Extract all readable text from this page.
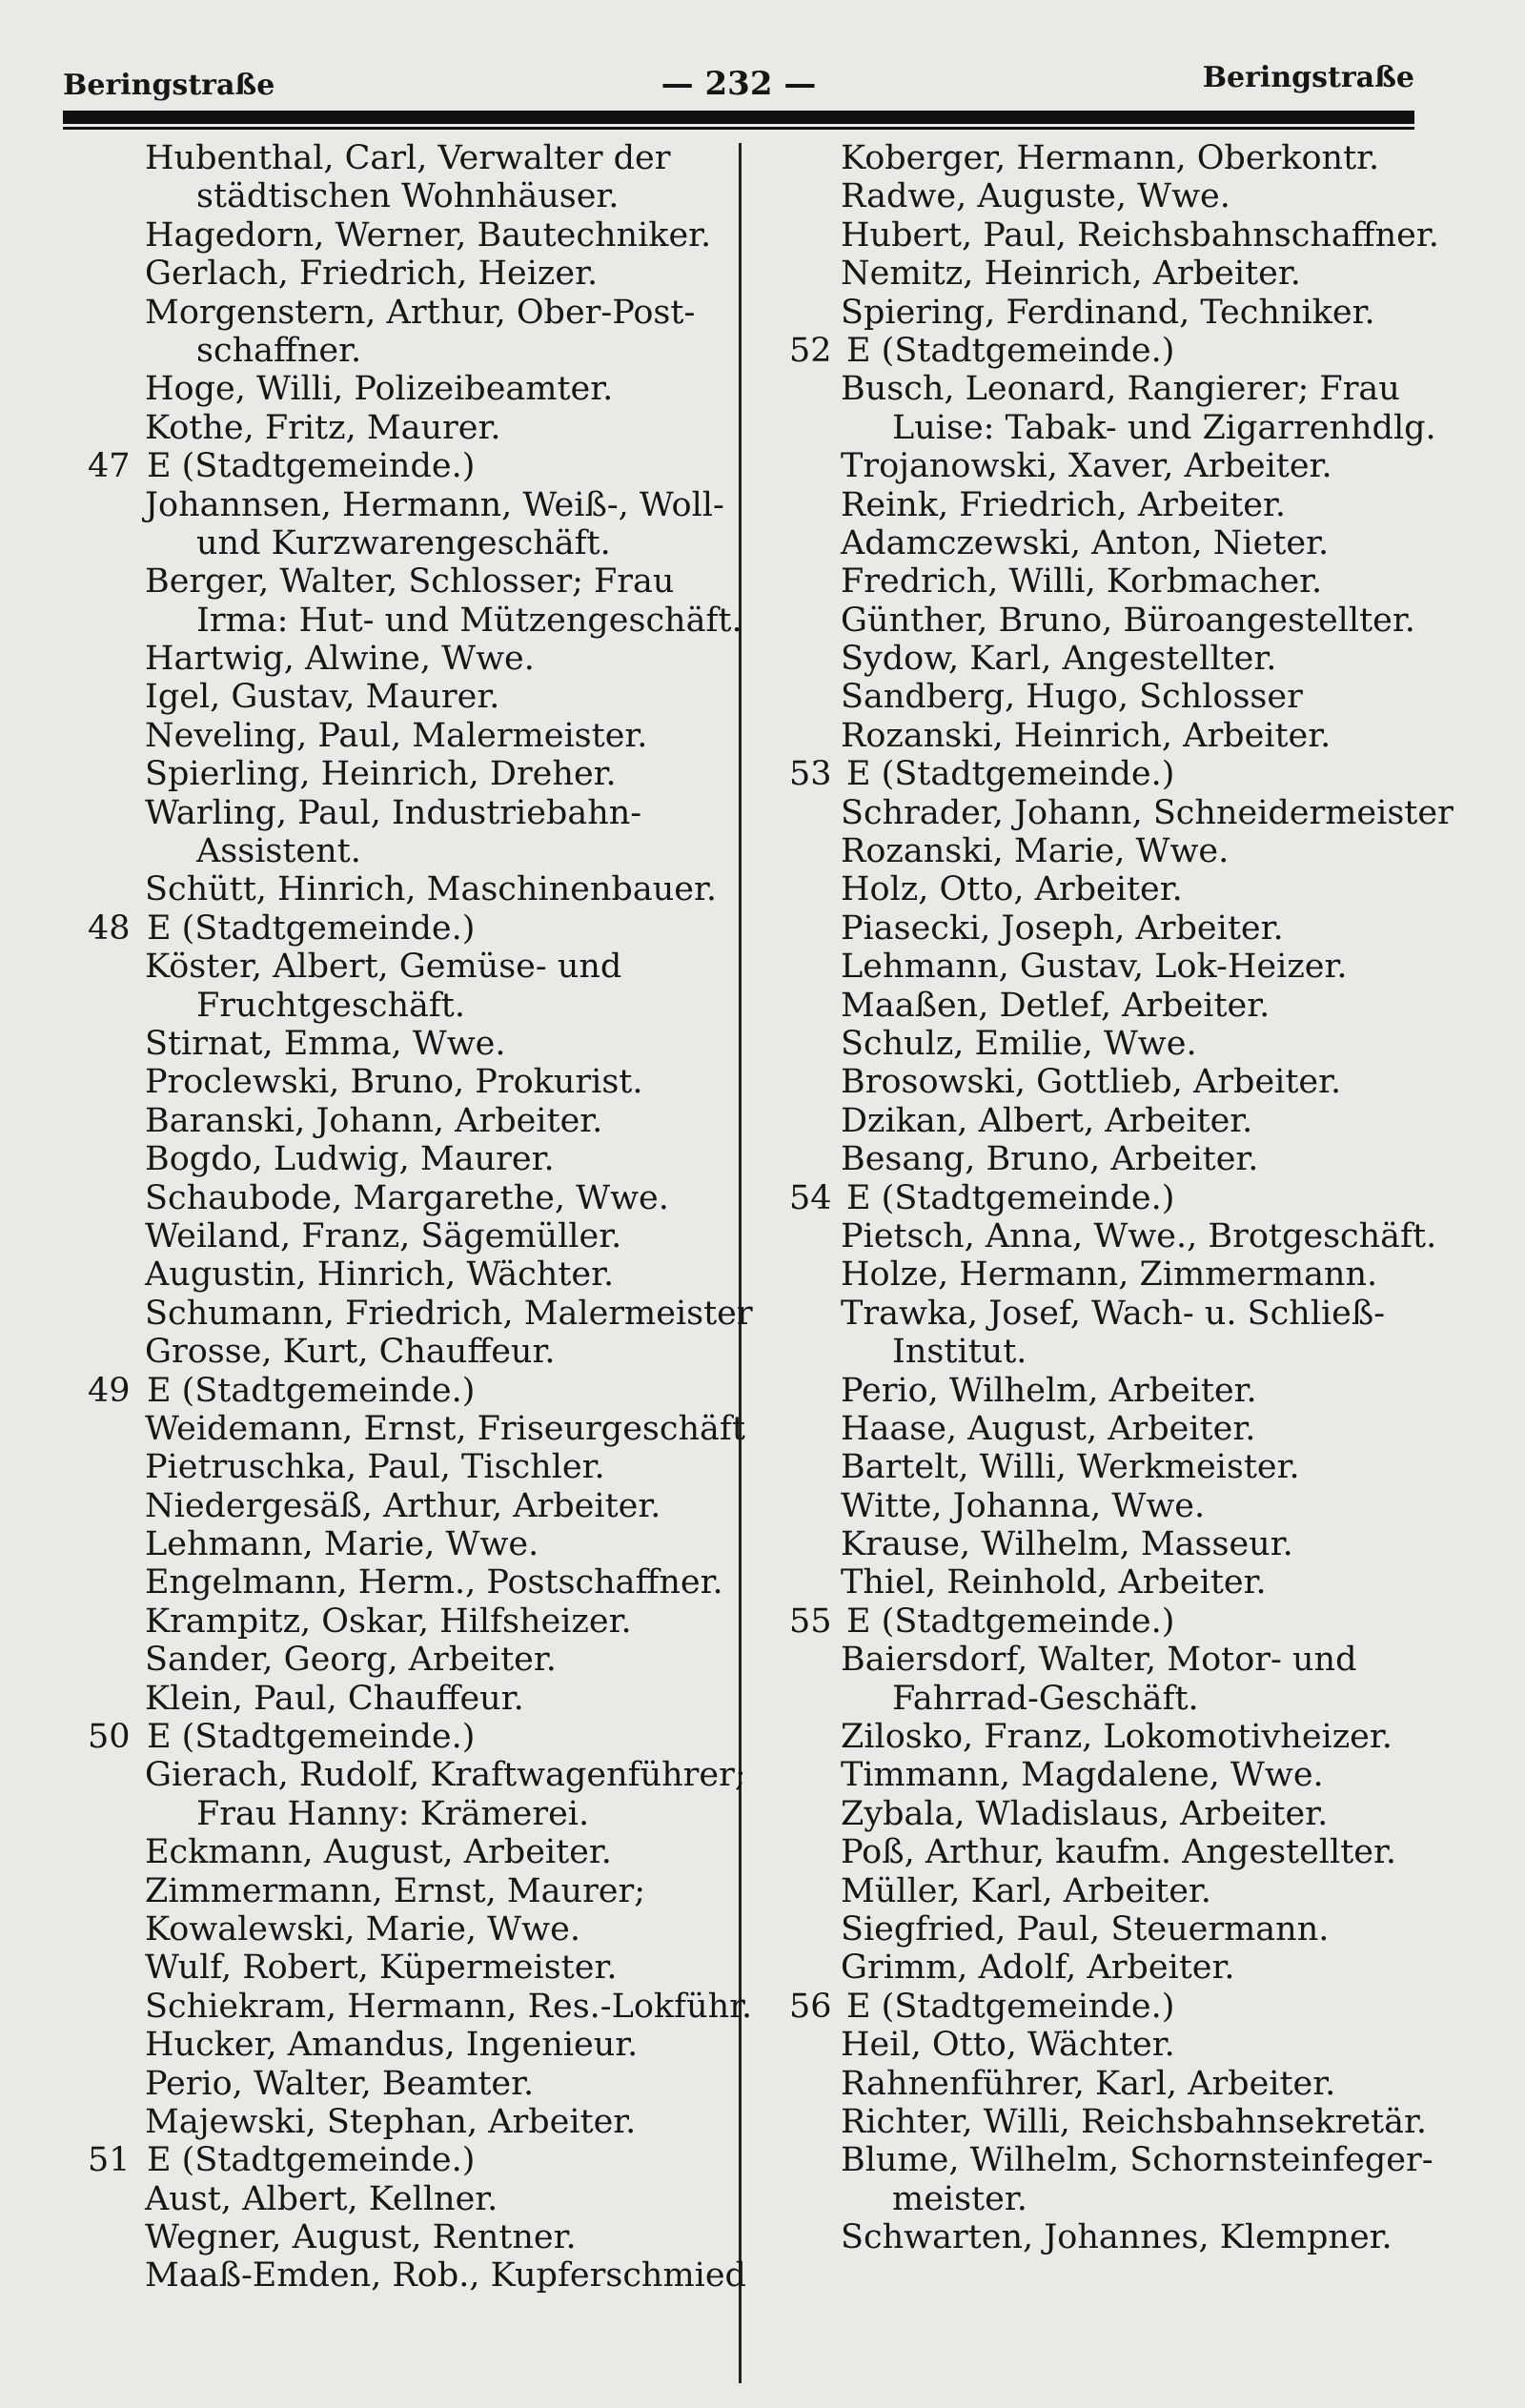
Beringstraße	— 232 —	Beringstraße
Hubenthal, Carl, Verwalter der
städtischen Wohnhäuser.
Hagedorn, Werner, Bautechniker.
Gerlach, Friedrich, Heizer.
Morgenstern, Arthur, Ober-Post-
schaffner.
Hoge, Willi, Polizeibeamter.
Kothe, Fritz, Maurer.
47 E (Stadtgemeinde.)
Johannsen, Hermann, Weiß-, Woll-
und Kurzwarengeschäft.
Berger, Walter, Schlosser; Frau
Irma: Hut- und Mützengeschäft.
Hartwig, Alwine, Wwe.
Igel, Gustav, Maurer.
Neveling, Paul, Malermeister.
Spierling, Heinrich, Dreher.
Warling, Paul, Industriebahn-
Assistent.
Schütt, Hinrich, Maschinenbauer.
48 E (Stadtgemeinde.)
Köster, Albert, Gemüse- und
Fruchtgeschäft.
Stirnat, Emma, Wwe.
Proclewski, Bruno, Prokurist.
Baranski, Johann, Arbeiter.
Bogdo, Ludwig, Maurer.
Schaubode, Margarethe, Wwe.
Weiland, Franz, Sägemüller.
Augustin, Hinrich, Wächter.
Schumann, Friedrich, Malermeister
Grosse, Kurt, Chauffeur.
49 E (Stadtgemeinde.)
Weidemann, Ernst, Friseurgeschäft
Pietruschka, Paul, Tischler.
Niedergesäß, Arthur, Arbeiter.
Lehmann, Marie, Wwe.
Engelmann, Herm., Postschaffner.
Krampitz, Oskar, Hilfsheizer.
Sander, Georg, Arbeiter.
Klein, Paul, Chauffeur.
50 E (Stadtgemeinde.)
Gierach, Rudolf, Kraftwagenführer;
Frau Hanny: Krämerei.
Eckmann, August, Arbeiter.
Zimmermann, Ernst, Maurer;
Kowalewski, Marie, Wwe.
Wulf, Robert, Küpermeister.
Schiekram, Hermann, Res.-Lokführ.
Hucker, Amandus, Ingenieur.
Perio, Walter, Beamter.
Majewski, Stephan, Arbeiter.
51 E (Stadtgemeinde.)
Aust, Albert, Kellner.
Wegner, August, Rentner.
Maaß-Emden, Rob., Kupferschmied
Koberger, Hermann, Oberkontr.
Radwe, Auguste, Wwe.
Hubert, Paul, Reichsbahnschaffner.
Nemitz, Heinrich, Arbeiter.
Spiering, Ferdinand, Techniker.
52 E (Stadtgemeinde.)
Busch, Leonard, Rangierer; Frau
Luise: Tabak- und Zigarrenhdlg.
Trojanowski, Xaver, Arbeiter.
Reink, Friedrich, Arbeiter.
Adamczewski, Anton, Nieter.
Fredrich, Willi, Korbmacher.
Günther, Bruno, Büroangestellter.
Sydow, Karl, Angestellter.
Sandberg, Hugo, Schlosser
Rozanski, Heinrich, Arbeiter.
53 E (Stadtgemeinde.)
Schrader, Johann, Schneidermeister
Rozanski, Marie, Wwe.
Holz, Otto, Arbeiter.
Piasecki, Joseph, Arbeiter.
Lehmann, Gustav, Lok-Heizer.
Maaßen, Detlef, Arbeiter.
Schulz, Emilie, Wwe.
Brosowski, Gottlieb, Arbeiter.
Dzikan, Albert, Arbeiter.
Besang, Bruno, Arbeiter.
54 E (Stadtgemeinde.)
Pietsch, Anna, Wwe., Brotgeschäft.
Holze, Hermann, Zimmermann.
Trawka, Josef, Wach- u. Schließ-
Institut.
Perio, Wilhelm, Arbeiter.
Haase, August, Arbeiter.
Bartelt, Willi, Werkmeister.
Witte, Johanna, Wwe.
Krause, Wilhelm, Masseur.
Thiel, Reinhold, Arbeiter.
55 E (Stadtgemeinde.)
Baiersdorf, Walter, Motor- und
Fahrrad-Geschäft.
Zilosko, Franz, Lokomotivheizer.
Timmann, Magdalene, Wwe.
Zybala, Wladislaus, Arbeiter.
Poß, Arthur, kaufm. Angestellter.
Müller, Karl, Arbeiter.
Siegfried, Paul, Steuermann.
Grimm, Adolf, Arbeiter.
56 E (Stadtgemeinde.)
Heil, Otto, Wächter.
Rahnenführer, Karl, Arbeiter.
Richter, Willi, Reichsbahnsekretär.
Blume, Wilhelm, Schornsteinfeger-
meister.
Schwarten, Johannes, Klempner.
